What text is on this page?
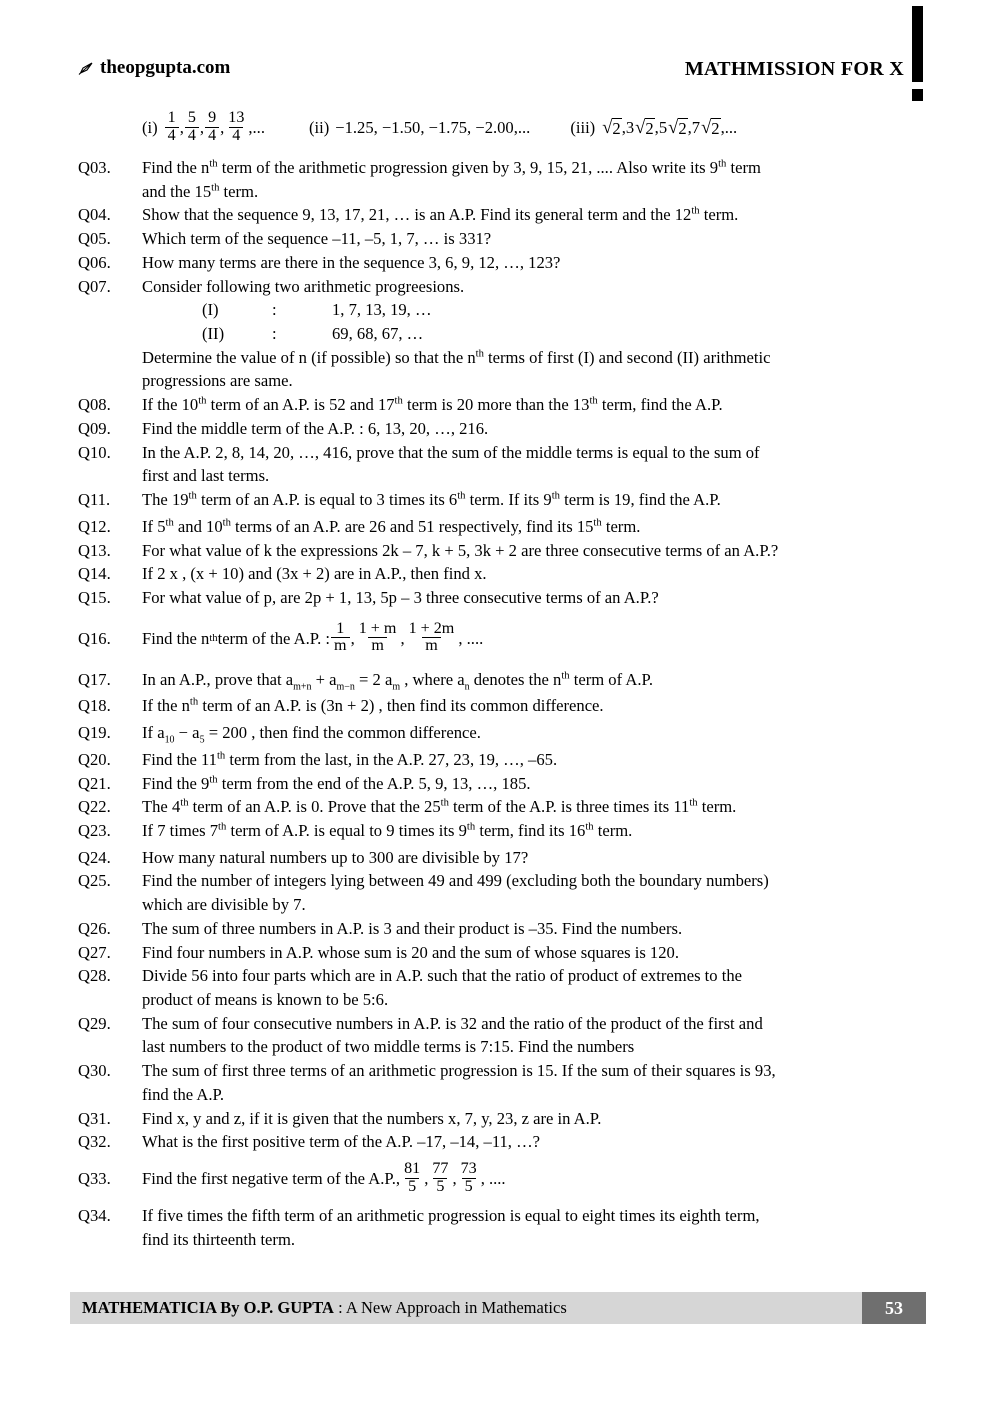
theopgupta.com	MATHMISSION FOR X
$(i) \frac{1}{4}$ , $\frac{5}{4}$ , $\frac{9}{4}$ , $\frac{13}{4}$ ,...	(ii) −1.25, −1.50, −1.75, −2.00,... (iii) √2,3√2,5√2,7√2 ,...
Q03.	Find the $n^{th}$ term of the arithmetic progression given by 3, 9, 15, 21, .... Also write its 9th term
and the 15th term.
Q04.	Show that the sequence 9, 13, 17, 21, … is an A.P. Find its general term and the 12th term.
Q05.	Which term of the sequence –11, –5, 1, 7, … is 331?
Q06.	How many terms are there in the sequence 3, 6, 9, 12, …, 123?
Q07.	Consider following two arithmetic progreesions.
(I)	:	1, 7, 13, 19, …
(II)	:	69, 68, 67, …
Determine the value of n (if possible) so that the $n^{th}$ terms of first (I) and second (II) arithmetic
progressions are same.
Q08.	If the 10th term of an A.P. is 52 and 17th term is 20 more than the 13th term, find the A.P.
Q09.	Find the middle term of the A.P. : 6, 13, 20, …, 216.
Q10.	In the A.P. 2, 8, 14, 20, …, 416, prove that the sum of the middle terms is equal to the sum of
first and last terms.
Q11.	The 19th term of an A.P. is equal to 3 times its 6th term. If its 9th term is 19, find the A.P.
Q12.	If 5th and 10th terms of an A.P. are 26 and 51 respectively, find its 15th term.
Q13.	For what value of k the expressions 2k – 7, k + 5, 3k + 2 are three consecutive terms of an A.P.?
Q14.	If 2 x , (x + 10) and (3x + 2) are in A.P., then find x.
Q15.	For what value of p, are 2p + 1, 13, 5p – 3 three consecutive terms of an A.P.?
Q16.	Find the n th term of the A.P. : $\frac{1}{m}$ , $\frac{1 + m}{m}$ , $\frac{1 + 2m}{m}$ , ....
Q17.	In an A.P., prove that $a_{m+n} + a_{m-n} = 2$ $a_m$ , where $a_n$ denotes the $n^{th}$ term of A.P.
Q18.	If the $n^{th}$ term of an A.P. is (3n + 2) , then find its common difference.
Q19.	If $a_{10} - a_5 = 200$ , then find the common difference.
Q20.	Find the 11th term from the last, in the A.P. 27, 23, 19, …, –65.
Q21.	Find the 9th term from the end of the A.P. 5, 9, 13, …, 185.
Q22.	The 4th term of an A.P. is 0. Prove that the 25th term of the A.P. is three times its 11th term.
Q23.	If 7 times 7th term of A.P. is equal to 9 times its 9th term, find its 16th term.
Q24.	How many natural numbers up to 300 are divisible by 17?
Q25.	Find the number of integers lying between 49 and 499 (excluding both the boundary numbers)
which are divisible by 7.
Q26.	The sum of three numbers in A.P. is 3 and their product is –35. Find the numbers.
Q27.	Find four numbers in A.P. whose sum is 20 and the sum of whose squares is 120.
Q28.	Divide 56 into four parts which are in A.P. such that the ratio of product of extremes to the
product of means is known to be 5:6.
Q29.	The sum of four consecutive numbers in A.P. is 32 and the ratio of the product of the first and
last numbers to the product of two middle terms is 7:15. Find the numbers
Q30.	The sum of first three terms of an arithmetic progression is 15. If the sum of their squares is 93,
find the A.P.
Q31.	Find x, y and z, if it is given that the numbers x, 7, y, 23, z are in A.P.
Q32.	What is the first positive term of the A.P. –17, –14, –11, …?
Q33.	Find the first negative term of the A.P., $\frac{81}{5}$ , $\frac{77}{5}$ , $\frac{73}{5}$ , ....
Q34.	If five times the fifth term of an arithmetic progression is equal to eight times its eighth term,
find its thirteenth term.
MATHEMATICIA By O.P. GUPTA : A New Approach in Mathematics	53
